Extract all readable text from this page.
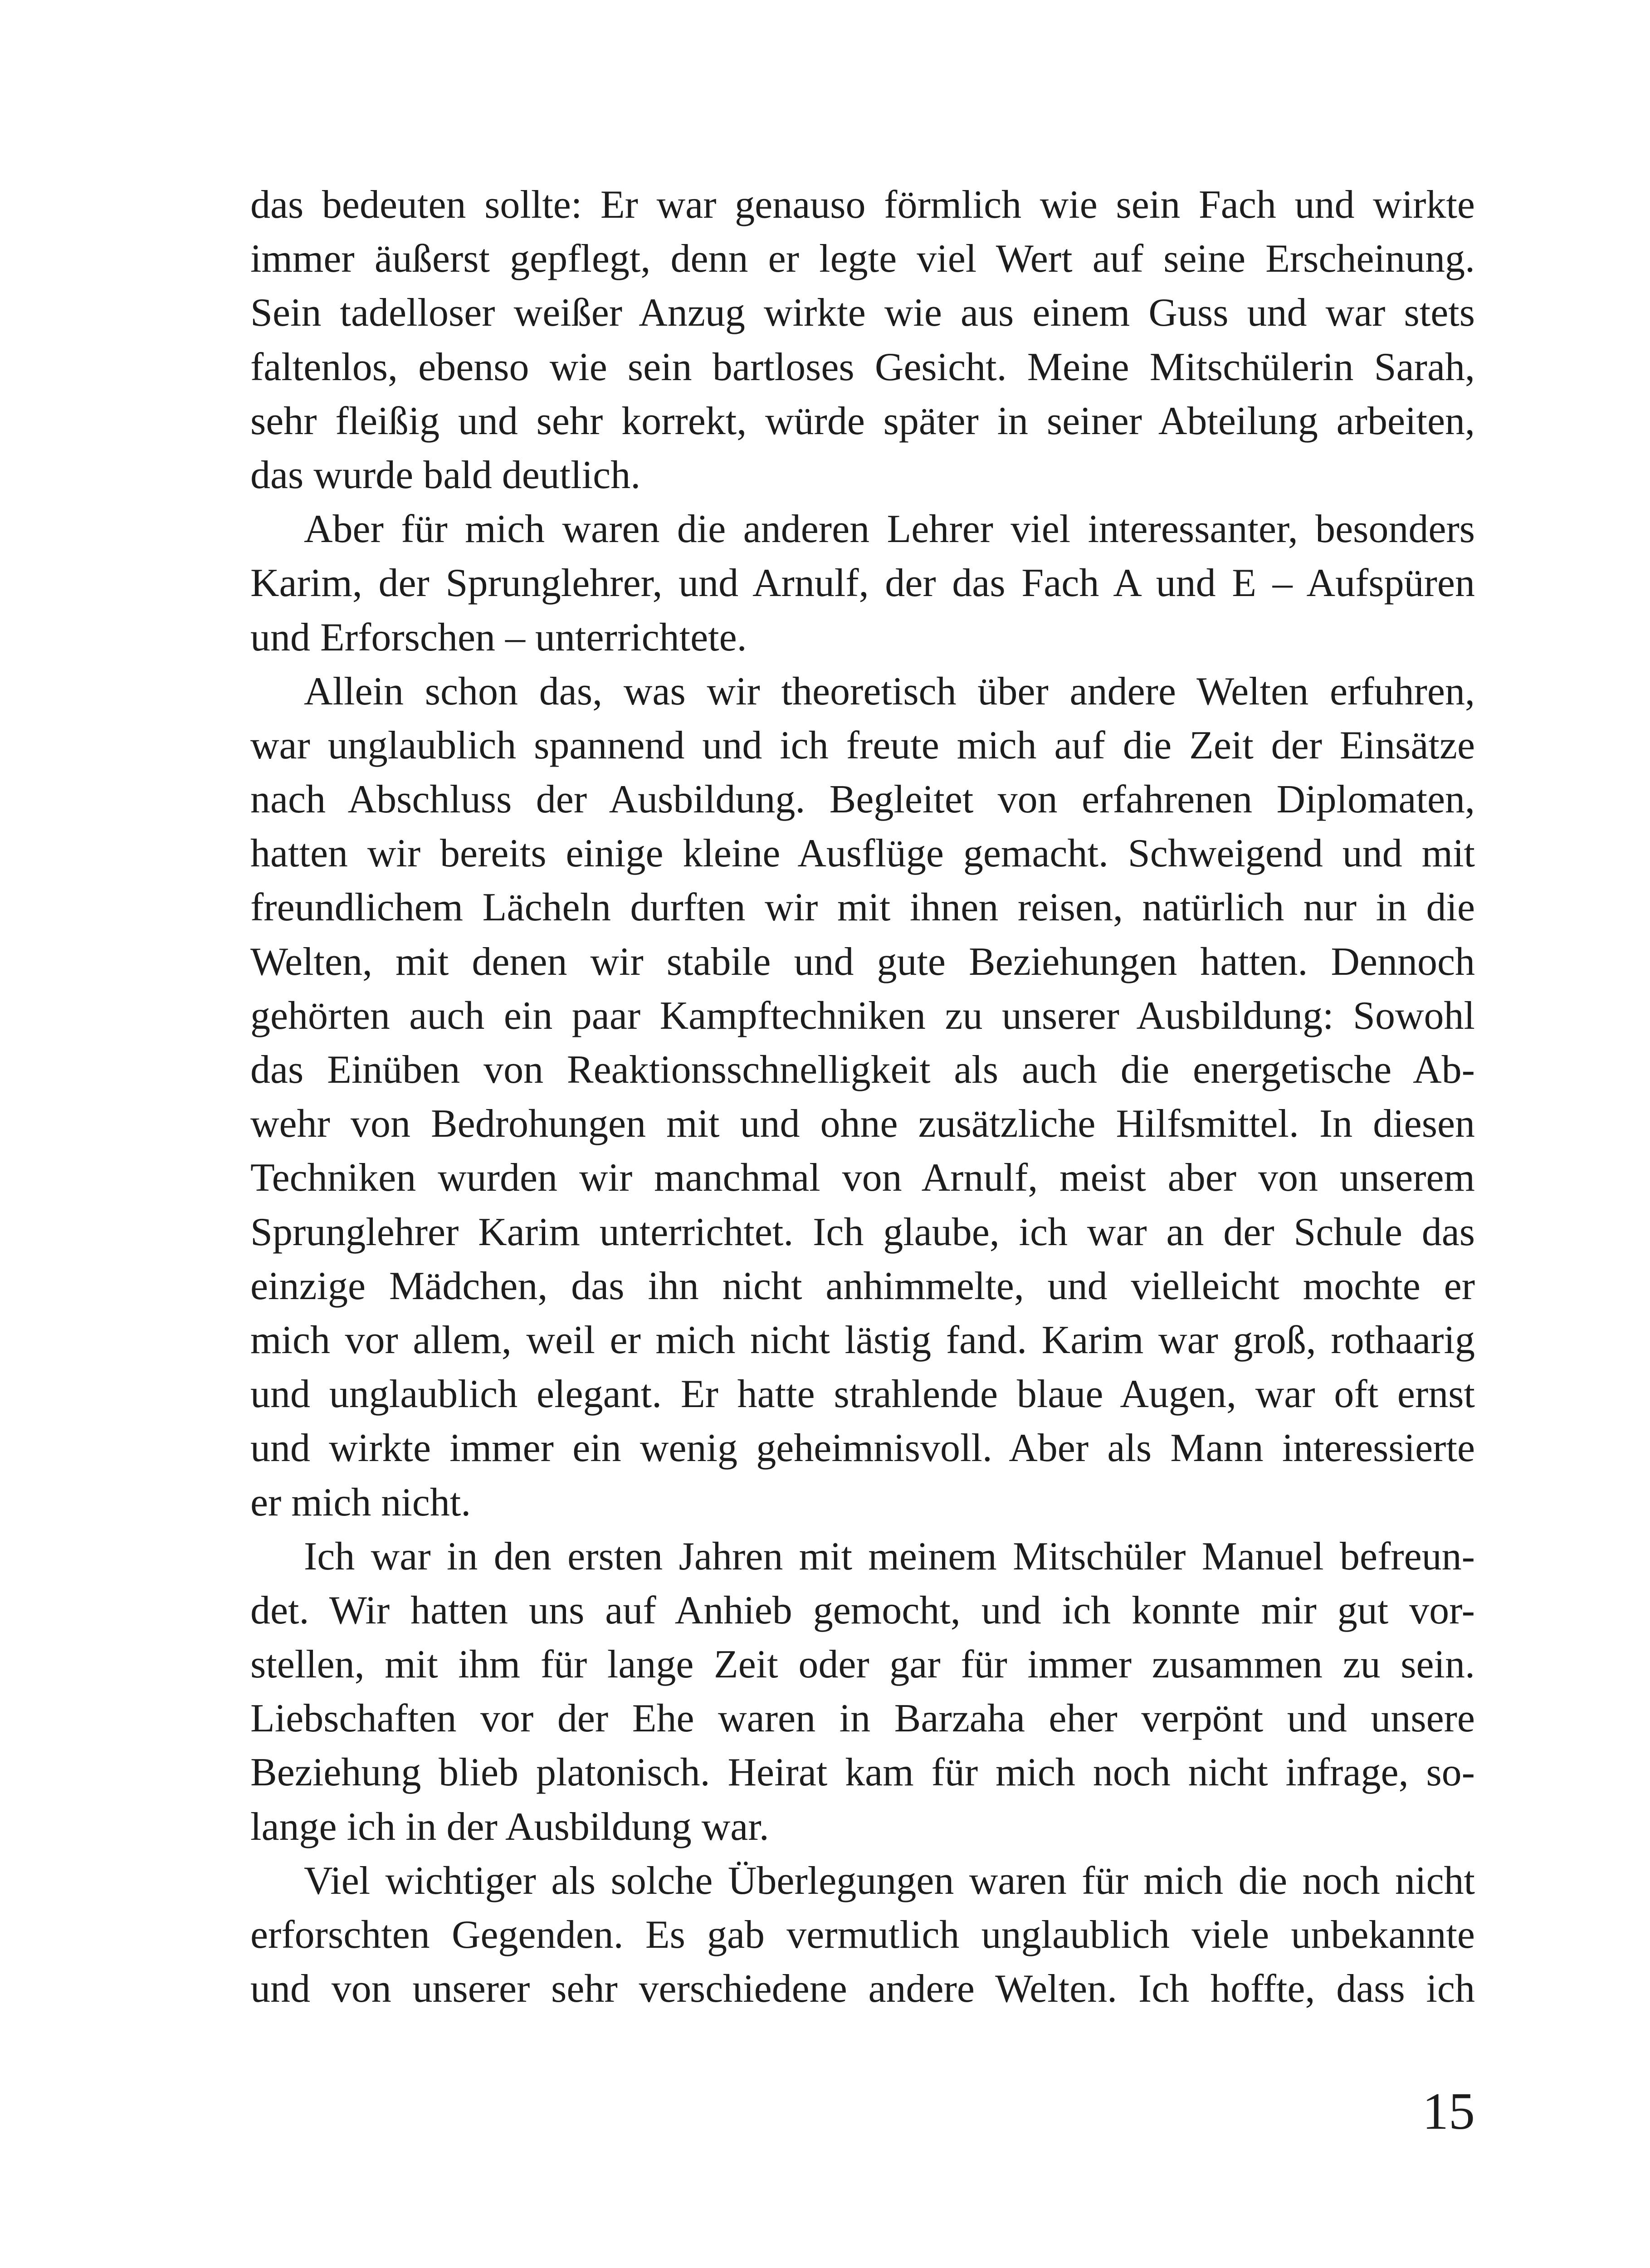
das bedeuten sollte: Er war genauso förmlich wie sein Fach und wirkte
immer äußerst gepflegt, denn er legte viel Wert auf seine Erscheinung.
Sein tadelloser weißer Anzug wirkte wie aus einem Guss und war stets
faltenlos, ebenso wie sein bartloses Gesicht. Meine Mitschülerin Sarah,
sehr fleißig und sehr korrekt, würde später in seiner Abteilung arbeiten,
das wurde bald deutlich.
Aber für mich waren die anderen Lehrer viel interessanter, besonders
Karim, der Sprunglehrer, und Arnulf, der das Fach A und E – Aufspüren
und Erforschen – unterrichtete.
Allein schon das, was wir theoretisch über andere Welten erfuhren,
war unglaublich spannend und ich freute mich auf die Zeit der Einsätze
nach Abschluss der Ausbildung. Begleitet von erfahrenen Diplomaten,
hatten wir bereits einige kleine Ausflüge gemacht. Schweigend und mit
freundlichem Lächeln durften wir mit ihnen reisen, natürlich nur in die
Welten, mit denen wir stabile und gute Beziehungen hatten. Dennoch
gehörten auch ein paar Kampftechniken zu unserer Ausbildung: Sowohl
das Einüben von Reaktionsschnelligkeit als auch die energetische Ab-
wehr von Bedrohungen mit und ohne zusätzliche Hilfsmittel. In diesen
Techniken wurden wir manchmal von Arnulf, meist aber von unserem
Sprunglehrer Karim unterrichtet. Ich glaube, ich war an der Schule das
einzige Mädchen, das ihn nicht anhimmelte, und vielleicht mochte er
mich vor allem, weil er mich nicht lästig fand. Karim war groß, rothaarig
und unglaublich elegant. Er hatte strahlende blaue Augen, war oft ernst
und wirkte immer ein wenig geheimnisvoll. Aber als Mann interessierte
er mich nicht.
Ich war in den ersten Jahren mit meinem Mitschüler Manuel befreun-
det. Wir hatten uns auf Anhieb gemocht, und ich konnte mir gut vor-
stellen, mit ihm für lange Zeit oder gar für immer zusammen zu sein.
Liebschaften vor der Ehe waren in Barzaha eher verpönt und unsere
Beziehung blieb platonisch. Heirat kam für mich noch nicht infrage, so-
lange ich in der Ausbildung war.
Viel wichtiger als solche Überlegungen waren für mich die noch nicht
erforschten Gegenden. Es gab vermutlich unglaublich viele unbekannte
und von unserer sehr verschiedene andere Welten. Ich hoffte, dass ich
15
